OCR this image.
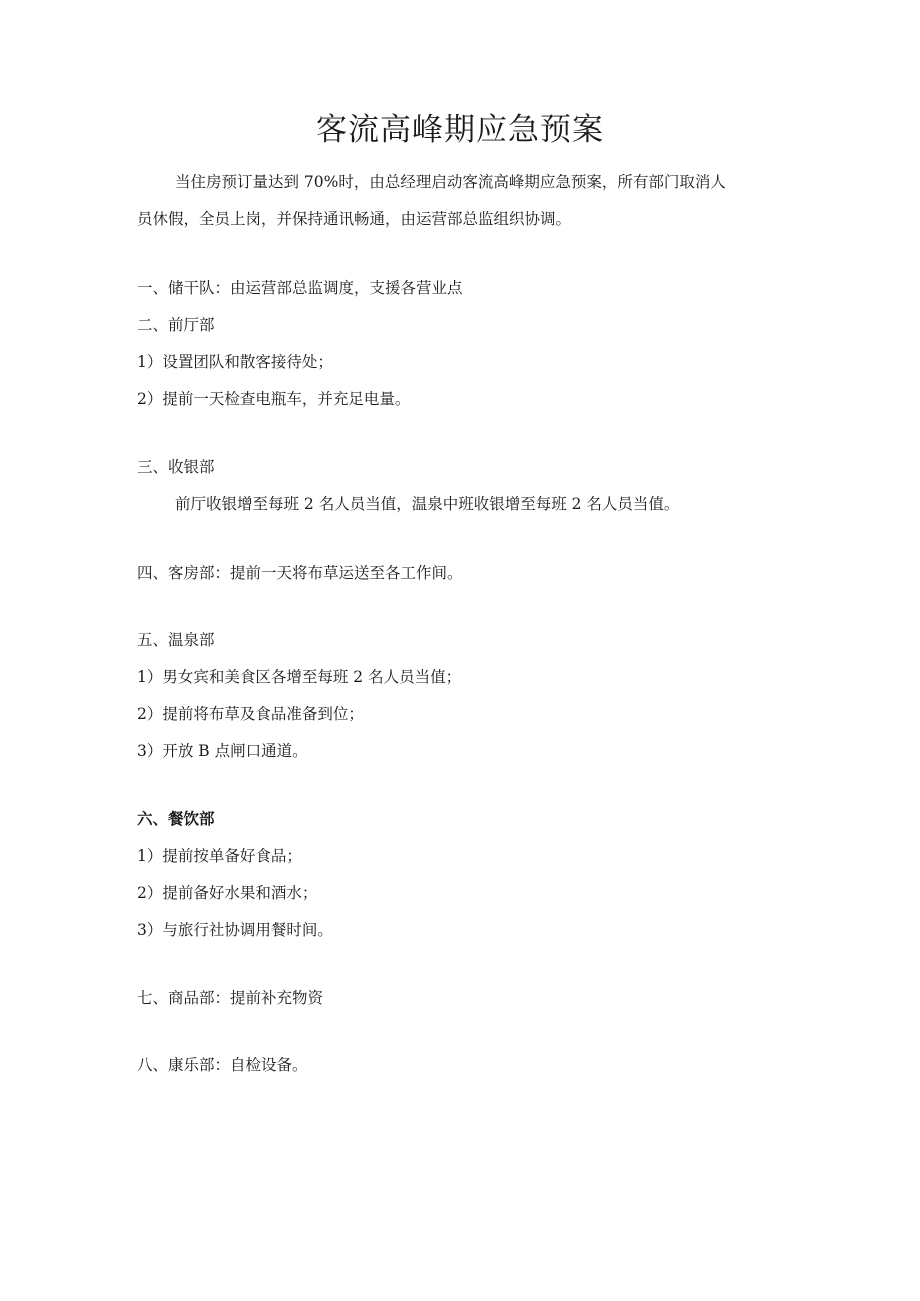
客流高峰期应急预案

当住房预订量达到 70%时，由总经理启动客流高峰期应急预案，所有部门取消人

员休假，全员上岗，并保持通讯畅通，由运营部总监组织协调。

一、储干队：由运营部总监调度，支援各营业点

二、前厅部

1）设置团队和散客接待处；

2）提前一天检查电瓶车，并充足电量。

三、收银部

前厅收银增至每班 2 名人员当值，温泉中班收银增至每班 2 名人员当值。

四、客房部：提前一天将布草运送至各工作间。

五、温泉部

1）男女宾和美食区各增至每班 2 名人员当值；

2）提前将布草及食品准备到位；

3）开放 B 点闸口通道。

六、餐饮部

1）提前按单备好食品；

2）提前备好水果和酒水；

3）与旅行社协调用餐时间。

七、商品部：提前补充物资

八、康乐部：自检设备。
